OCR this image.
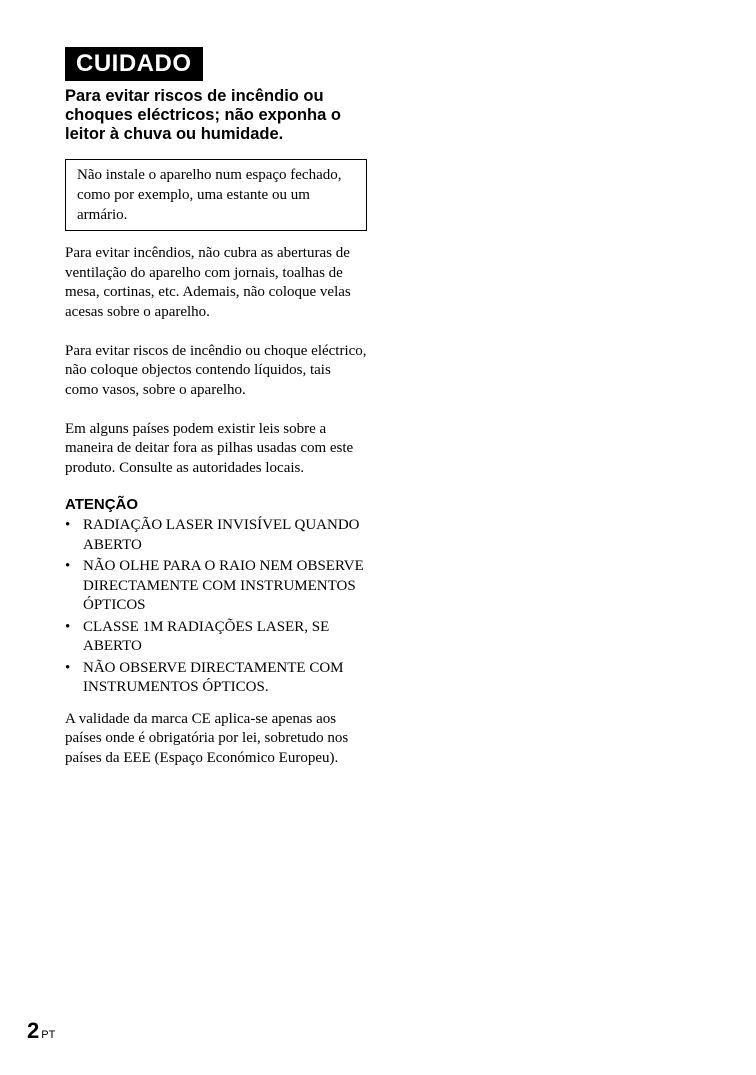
CUIDADO
Para evitar riscos de incêndio ou choques eléctricos; não exponha o leitor à chuva ou humidade.
Não instale o aparelho num espaço fechado, como por exemplo, uma estante ou um armário.

Para evitar incêndios, não cubra as aberturas de ventilação do aparelho com jornais, toalhas de mesa, cortinas, etc. Ademais, não coloque velas acesas sobre o aparelho.

Para evitar riscos de incêndio ou choque eléctrico, não coloque objectos contendo líquidos, tais como vasos, sobre o aparelho.

Em alguns países podem existir leis sobre a maneira de deitar fora as pilhas usadas com este produto. Consulte as autoridades locais.

ATENÇÃO
• RADIAÇÃO LASER INVISÍVEL QUANDO ABERTO
• NÃO OLHE PARA O RAIO NEM OBSERVE DIRECTAMENTE COM INSTRUMENTOS ÓPTICOS
• CLASSE 1M RADIAÇÕES LASER, SE ABERTO
• NÃO OBSERVE DIRECTAMENTE COM INSTRUMENTOS ÓPTICOS.

A validade da marca CE aplica-se apenas aos países onde é obrigatória por lei, sobretudo nos países da EEE (Espaço Económico Europeu).

2 PT
